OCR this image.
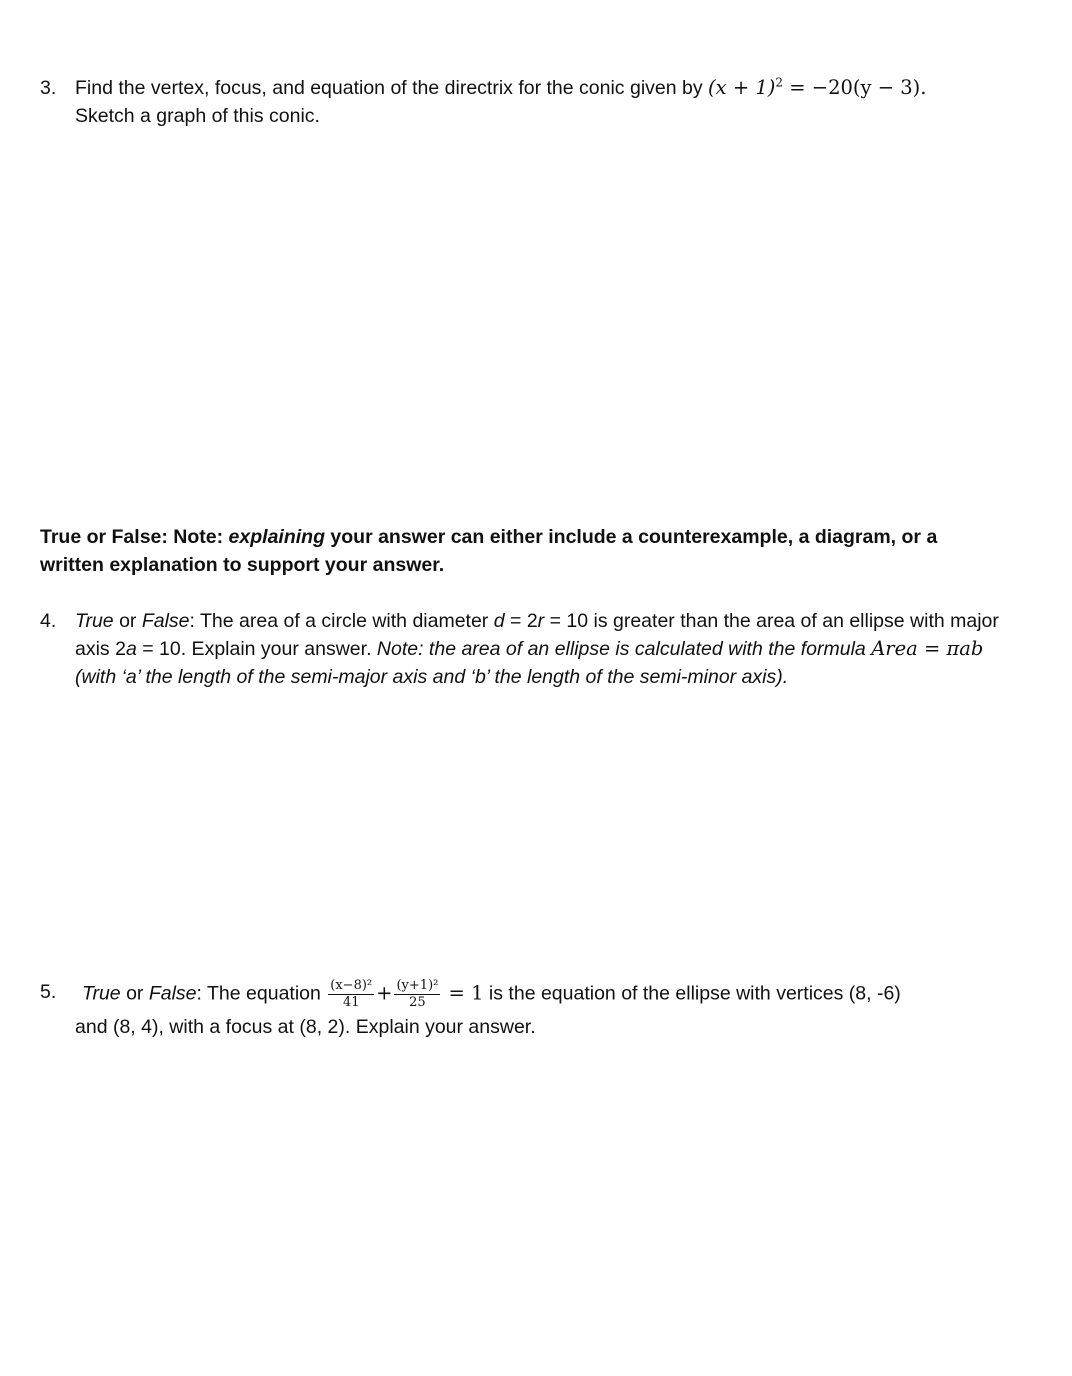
3. Find the vertex, focus, and equation of the directrix for the conic given by $(x + 1)^2 = -20(y - 3)$.
Sketch a graph of this conic.
True or False: Note: explaining your answer can either include a counterexample, a diagram, or a written explanation to support your answer.
4. True or False: The area of a circle with diameter d = 2r = 10 is greater than the area of an ellipse with major axis 2a = 10. Explain your answer. Note: the area of an ellipse is calculated with the formula Area = πab (with ‘a’ the length of the semi-major axis and ‘b’ the length of the semi-minor axis).
5. True or False: The equation $\frac{\text{(x−8)²}}{41} + \frac{\text{(y+1)²}}{25} = 1$ is the equation of the ellipse with vertices (8, -6)
and (8, 4), with a focus at (8, 2). Explain your answer.
